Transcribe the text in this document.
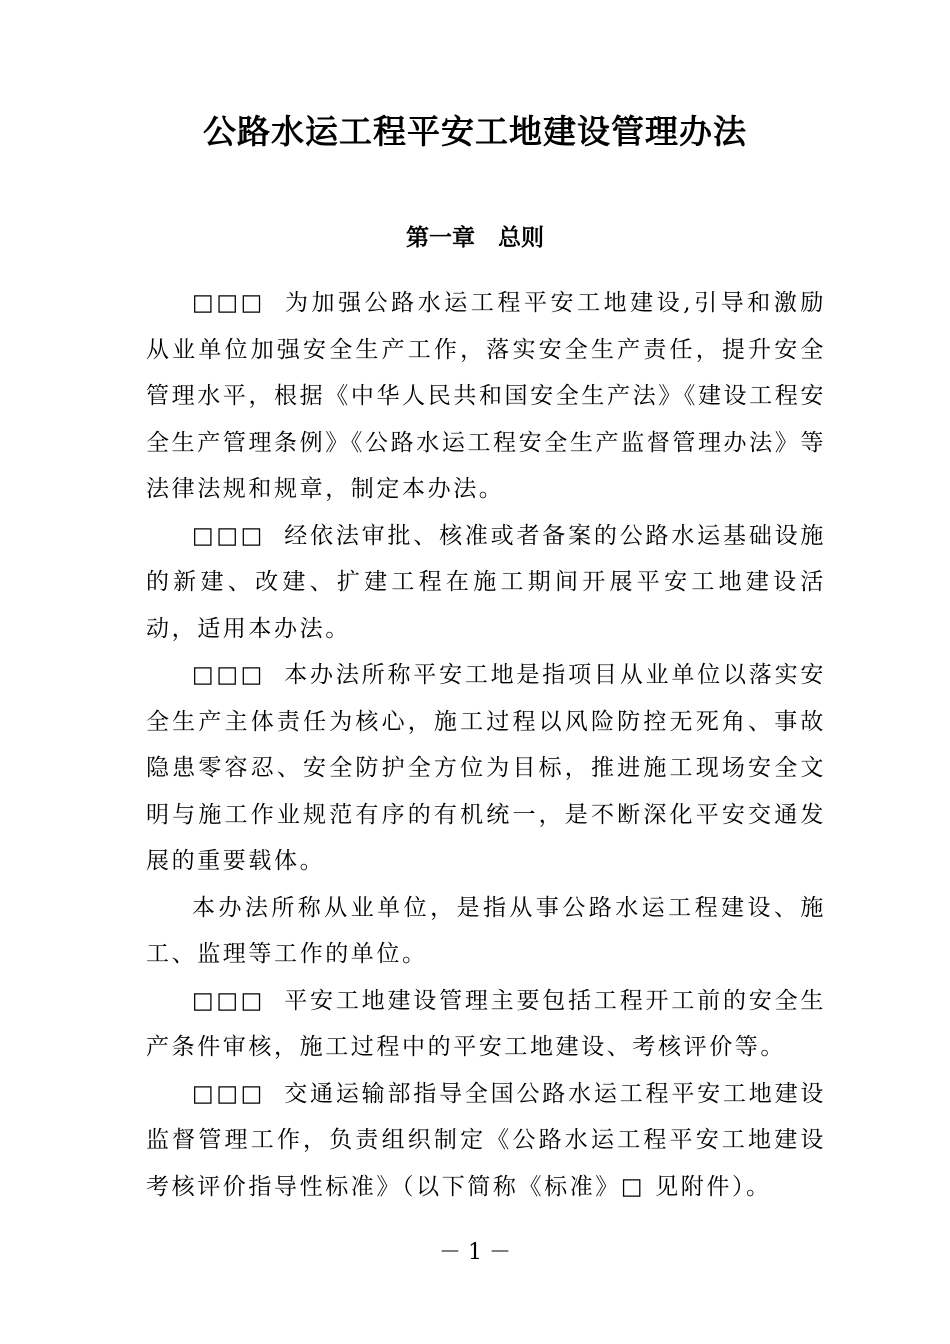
公路水运工程平安工地建设管理办法
第一章　总则

□□□ 为加强公路水运工程平安工地建设,引导和激励从业单位加强安全生产工作，落实安全生产责任，提升安全管理水平，根据《中华人民共和国安全生产法》《建设工程安全生产管理条例》《公路水运工程安全生产监督管理办法》等法律法规和规章，制定本办法。

□□□ 经依法审批、核准或者备案的公路水运基础设施的新建、改建、扩建工程在施工期间开展平安工地建设活动，适用本办法。

□□□ 本办法所称平安工地是指项目从业单位以落实安全生产主体责任为核心，施工过程以风险防控无死角、事故隐患零容忍、安全防护全方位为目标，推进施工现场安全文明与施工作业规范有序的有机统一，是不断深化平安交通发展的重要载体。

本办法所称从业单位，是指从事公路水运工程建设、施工、监理等工作的单位。

□□□ 平安工地建设管理主要包括工程开工前的安全生产条件审核，施工过程中的平安工地建设、考核评价等。

□□□ 交通运输部指导全国公路水运工程平安工地建设监督管理工作，负责组织制定《公路水运工程平安工地建设考核评价指导性标准》（以下简称《标准》□ 见附件）。

－ 1 －
